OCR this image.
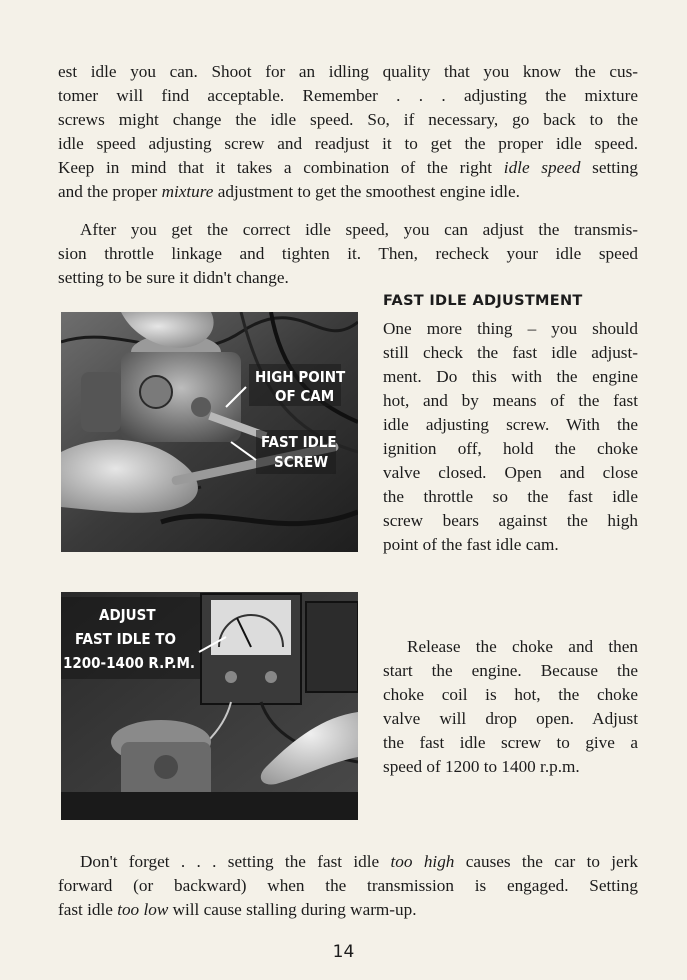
est idle you can. Shoot for an idling quality that you know the cus-
tomer will find acceptable. Remember . . . adjusting the mixture
screws might change the idle speed. So, if necessary, go back to the
idle speed adjusting screw and readjust it to get the proper idle speed.
Keep in mind that it takes a combination of the right idle speed setting
and the proper mixture adjustment to get the smoothest engine idle.
After you get the correct idle speed, you can adjust the transmis-
sion throttle linkage and tighten it. Then, recheck your idle speed
setting to be sure it didn't change.
FAST IDLE ADJUSTMENT
One more thing – you should
still check the fast idle adjust-
ment. Do this with the engine
hot, and by means of the fast
idle adjusting screw. With the
ignition off, hold the choke
valve closed. Open and close
the throttle so the fast idle
screw bears against the high
point of the fast idle cam.
Release the choke and then
start the engine. Because the
choke coil is hot, the choke
valve will drop open. Adjust
the fast idle screw to give a
speed of 1200 to 1400 r.p.m.
HIGH POINT
OF CAM
FAST IDLE
SCREW
ADJUST
FAST IDLE TO
1200-1400 R.P.M.
Don't forget . . . setting the fast idle too high causes the car to jerk
forward (or backward) when the transmission is engaged. Setting
fast idle too low will cause stalling during warm-up.
14
